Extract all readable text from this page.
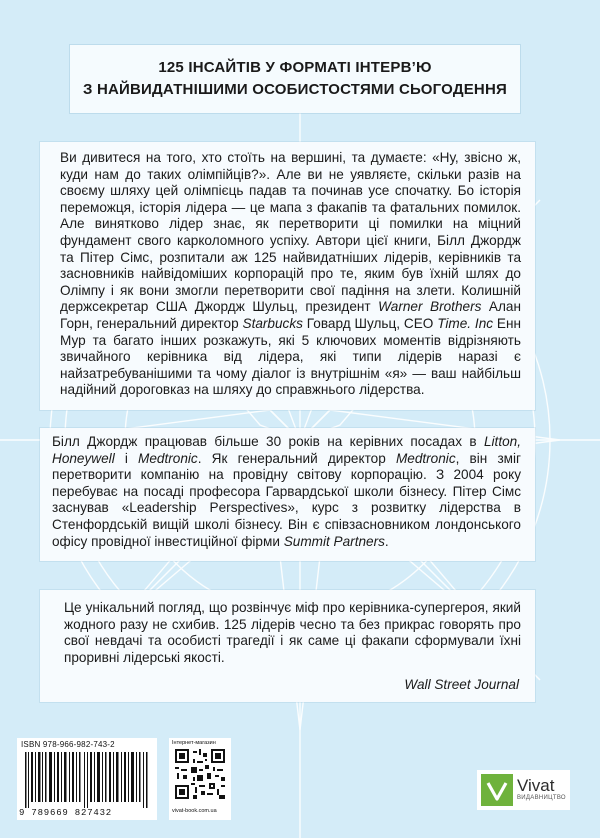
125 ІНСАЙТІВ У ФОРМАТІ ІНТЕРВ’Ю
З НАЙВИДАТНІШИМИ ОСОБИСТОСТЯМИ СЬОГОДЕННЯ

Ви дивитеся на того, хто стоїть на вершині, та думаєте: «Ну, звісно ж, куди нам до таких олімпійців?». Але ви не уявляєте, скільки разів на своєму шляху цей олімпієць падав та починав усе спочатку. Бо історія переможця, історія лідера — це мапа з факапів та фатальних помилок. Але винятково лідер знає, як перетворити ці помилки на міцний фундамент свого карколомного успіху. Автори цієї книги, Білл Джордж та Пітер Сімс, розпитали аж 125 найвидатніших лідерів, керівників та засновників найвідоміших корпорацій про те, яким був їхній шлях до Олімпу і як вони змогли перетворити свої падіння на злети. Колишній держсекретар США Джордж Шульц, президент Warner Brothers Алан Горн, генеральний директор Starbucks Говард Шульц, CEO Time. Inc Енн Мур та багато інших розкажуть, які 5 ключових моментів відрізняють звичайного керівника від лідера, які типи лідерів наразі є найзатребуванішими та чому діалог із внутрішнім «я» — ваш найбільш надійний дороговказ на шляху до справжнього лідерства.

Білл Джордж працював більше 30 років на керівних посадах в Litton, Honeywell і Medtronic. Як генеральний директор Medtronic, він зміг перетворити компанію на провідну світову корпорацію. З 2004 року перебуває на посаді професора Гарвардської школи бізнесу. Пітер Сімс заснував «Leadership Perspectives», курс з розвитку лідерства в Стенфордській вищій школі бізнесу. Він є співзасновником лондонського офісу провідної інвестиційної фірми Summit Partners.

Це унікальний погляд, що розвінчує міф про керівника-супергероя, який жодного разу не схибив. 125 лідерів чесно та без прикрас говорять про свої невдачі та особисті трагедії і як саме ці факапи сформували їхні проривні лідерські якості.

Wall Street Journal
ISBN 978-966-982-743-2
9 789669 827432
Інтернет-магазин
vivat-book.com.ua
Vivat
ВИДАВНИЦТВО
